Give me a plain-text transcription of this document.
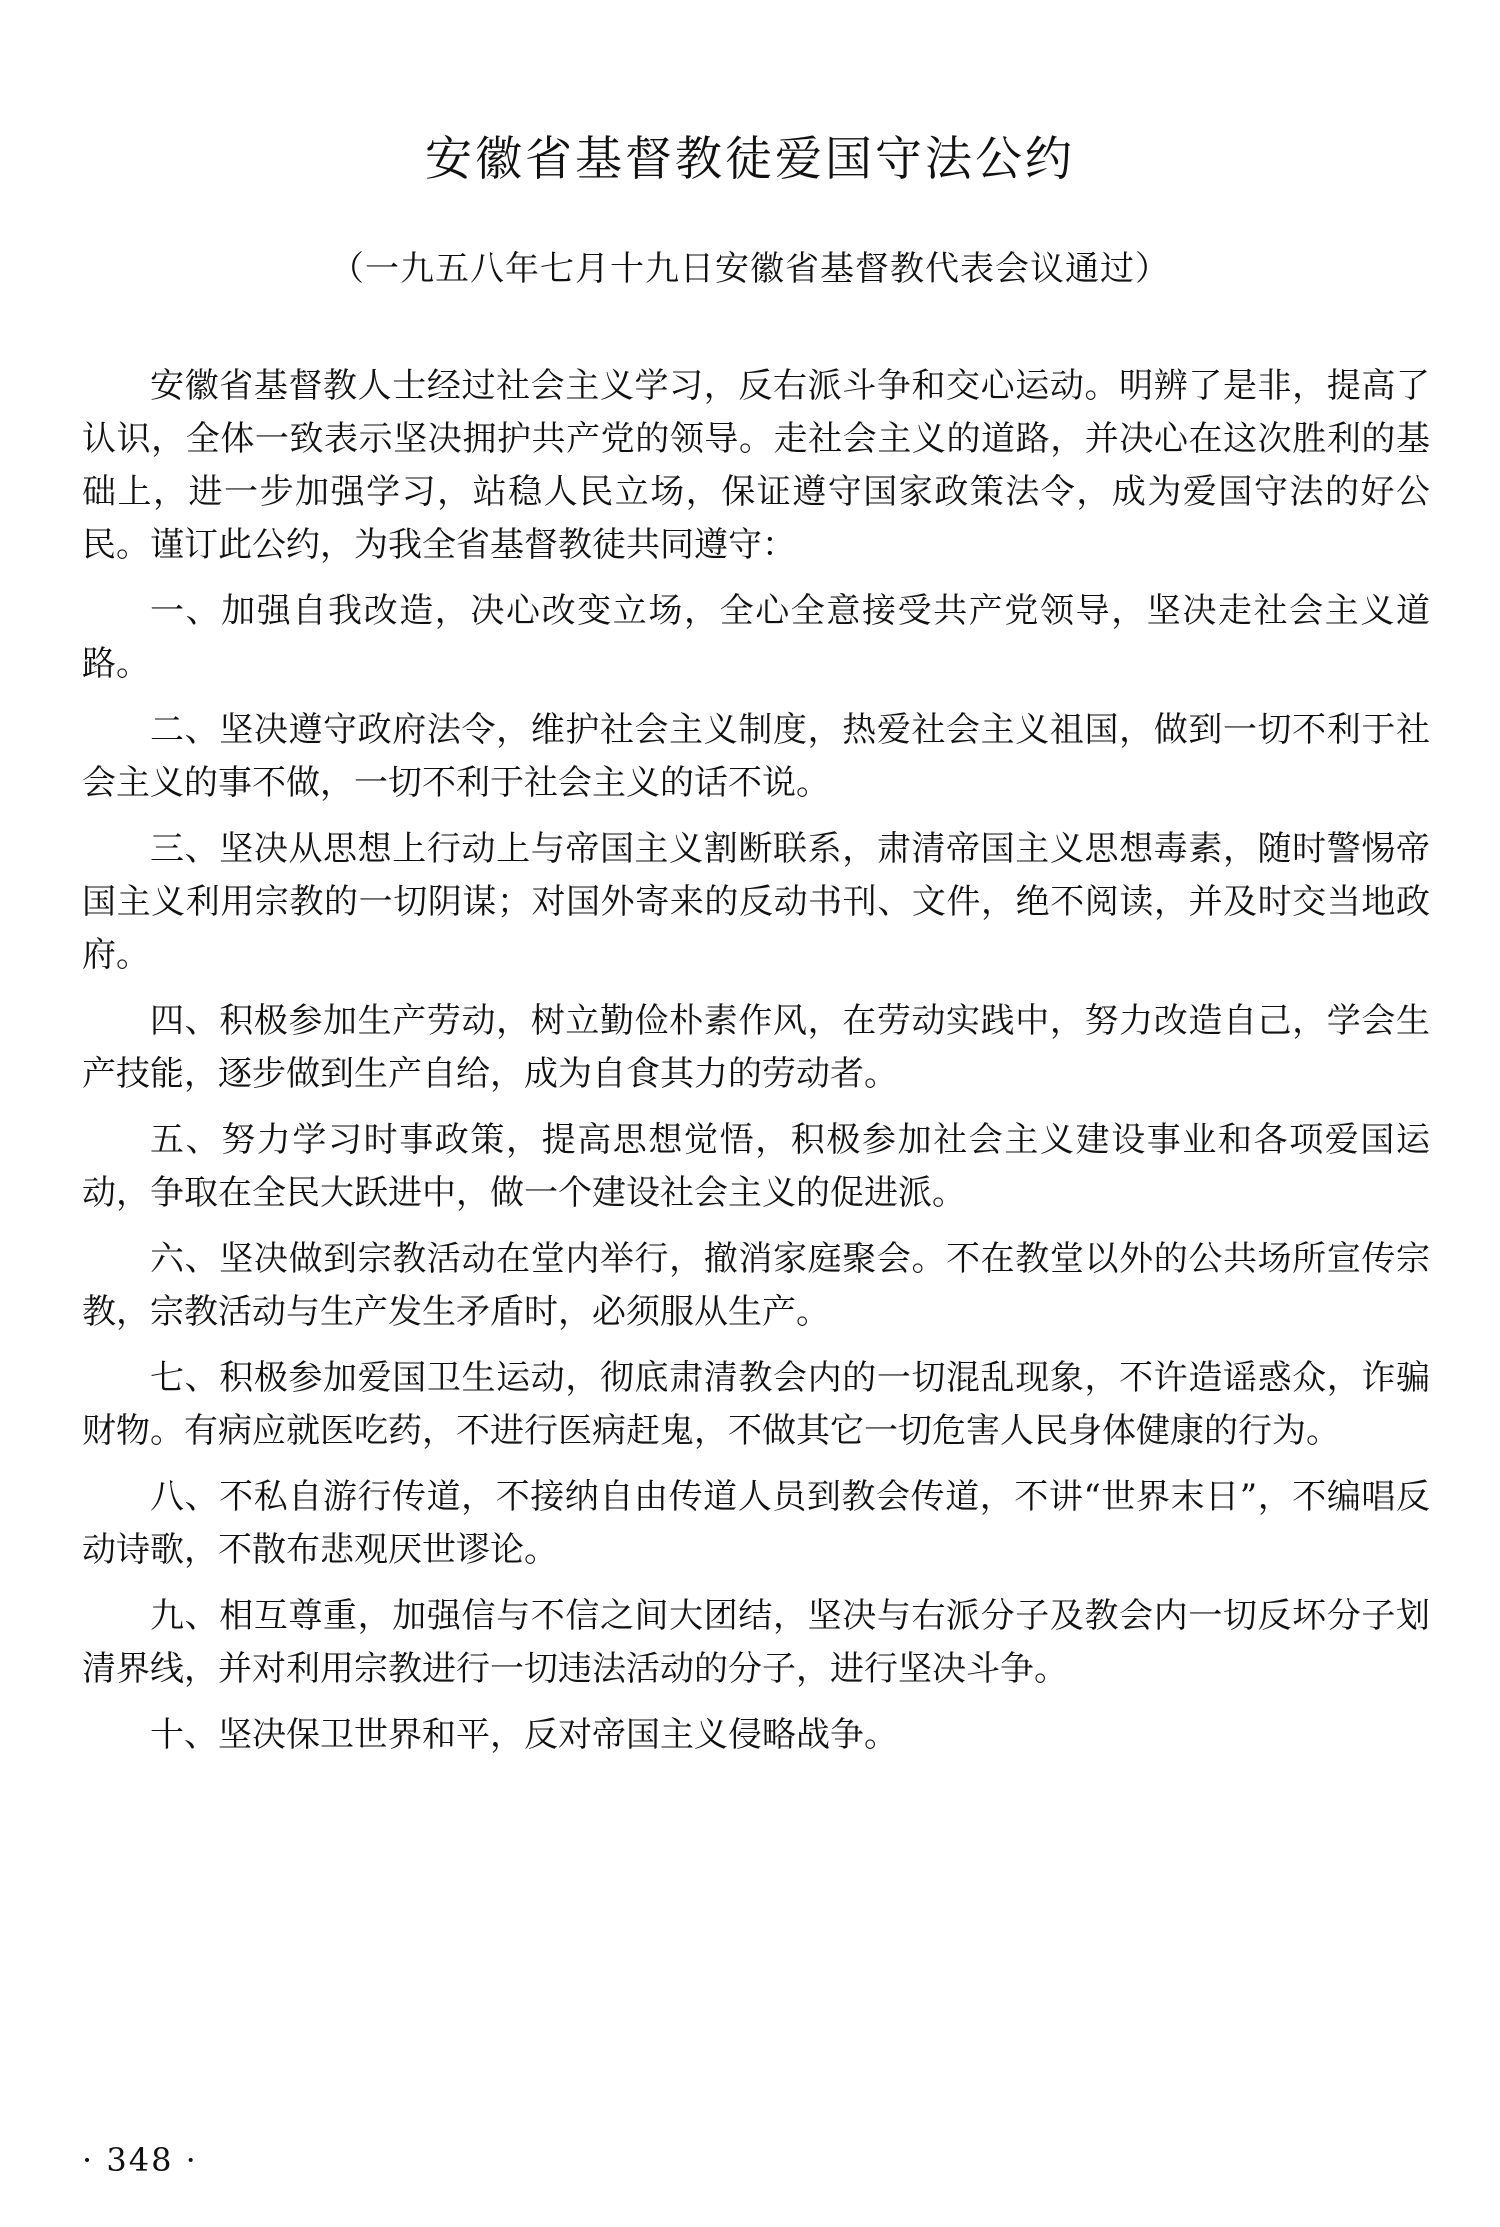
安徽省基督教徒爱国守法公约

（一九五八年七月十九日安徽省基督教代表会议通过）

安徽省基督教人士经过社会主义学习，反右派斗争和交心运动。明辨了是非，提高了认识，全体一致表示坚决拥护共产党的领导。走社会主义的道路，并决心在这次胜利的基础上，进一步加强学习，站稳人民立场，保证遵守国家政策法令，成为爱国守法的好公民。谨订此公约，为我全省基督教徒共同遵守：

一、加强自我改造，决心改变立场，全心全意接受共产党领导，坚决走社会主义道路。

二、坚决遵守政府法令，维护社会主义制度，热爱社会主义祖国，做到一切不利于社会主义的事不做，一切不利于社会主义的话不说。

三、坚决从思想上行动上与帝国主义割断联系，肃清帝国主义思想毒素，随时警惕帝国主义利用宗教的一切阴谋；对国外寄来的反动书刊、文件，绝不阅读，并及时交当地政府。

四、积极参加生产劳动，树立勤俭朴素作风，在劳动实践中，努力改造自己，学会生产技能，逐步做到生产自给，成为自食其力的劳动者。

五、努力学习时事政策，提高思想觉悟，积极参加社会主义建设事业和各项爱国运动，争取在全民大跃进中，做一个建设社会主义的促进派。

六、坚决做到宗教活动在堂内举行，撤消家庭聚会。不在教堂以外的公共场所宣传宗教，宗教活动与生产发生矛盾时，必须服从生产。

七、积极参加爱国卫生运动，彻底肃清教会内的一切混乱现象，不许造谣惑众，诈骗财物。有病应就医吃药，不进行医病赶鬼，不做其它一切危害人民身体健康的行为。

八、不私自游行传道，不接纳自由传道人员到教会传道，不讲“世界末日”，不编唱反动诗歌，不散布悲观厌世谬论。

九、相互尊重，加强信与不信之间大团结，坚决与右派分子及教会内一切反坏分子划清界线，并对利用宗教进行一切违法活动的分子，进行坚决斗争。

十、坚决保卫世界和平，反对帝国主义侵略战争。

· 348 ·
